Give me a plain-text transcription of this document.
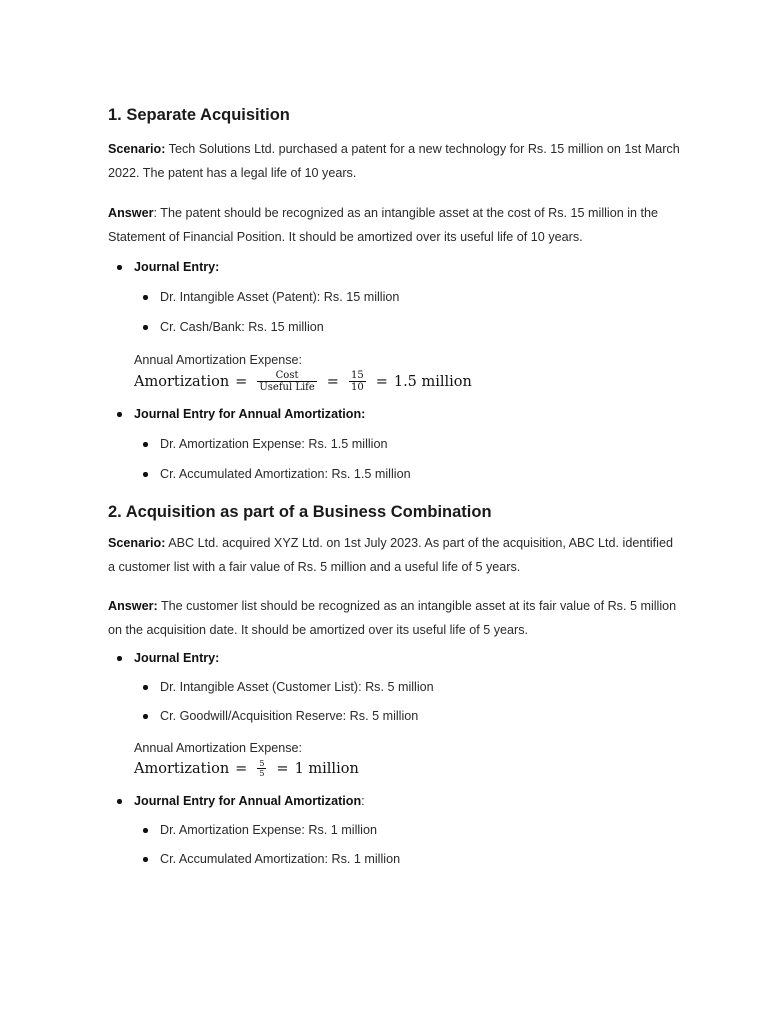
1. Separate Acquisition

Scenario: Tech Solutions Ltd. purchased a patent for a new technology for Rs. 15 million on 1st March 2022. The patent has a legal life of 10 years.

Answer: The patent should be recognized as an intangible asset at the cost of Rs. 15 million in the Statement of Financial Position. It should be amortized over its useful life of 10 years.

Journal Entry:
Dr. Intangible Asset (Patent): Rs. 15 million
Cr. Cash/Bank: Rs. 15 million
Annual Amortization Expense:
Amortization = $\frac{\text{Cost}}{\text{Useful Life}} = \frac{15}{10} = 1.5$ million
Journal Entry for Annual Amortization:
Dr. Amortization Expense: Rs. 1.5 million
Cr. Accumulated Amortization: Rs. 1.5 million
2. Acquisition as part of a Business Combination

Scenario: ABC Ltd. acquired XYZ Ltd. on 1st July 2023. As part of the acquisition, ABC Ltd. identified a customer list with a fair value of Rs. 5 million and a useful life of 5 years.

Answer: The customer list should be recognized as an intangible asset at its fair value of Rs. 5 million on the acquisition date. It should be amortized over its useful life of 5 years.

Journal Entry:
Dr. Intangible Asset (Customer List): Rs. 5 million
Cr. Goodwill/Acquisition Reserve: Rs. 5 million
Annual Amortization Expense:
Amortization = $\frac{5}{5} = 1$ million
Journal Entry for Annual Amortization:
Dr. Amortization Expense: Rs. 1 million
Cr. Accumulated Amortization: Rs. 1 million
